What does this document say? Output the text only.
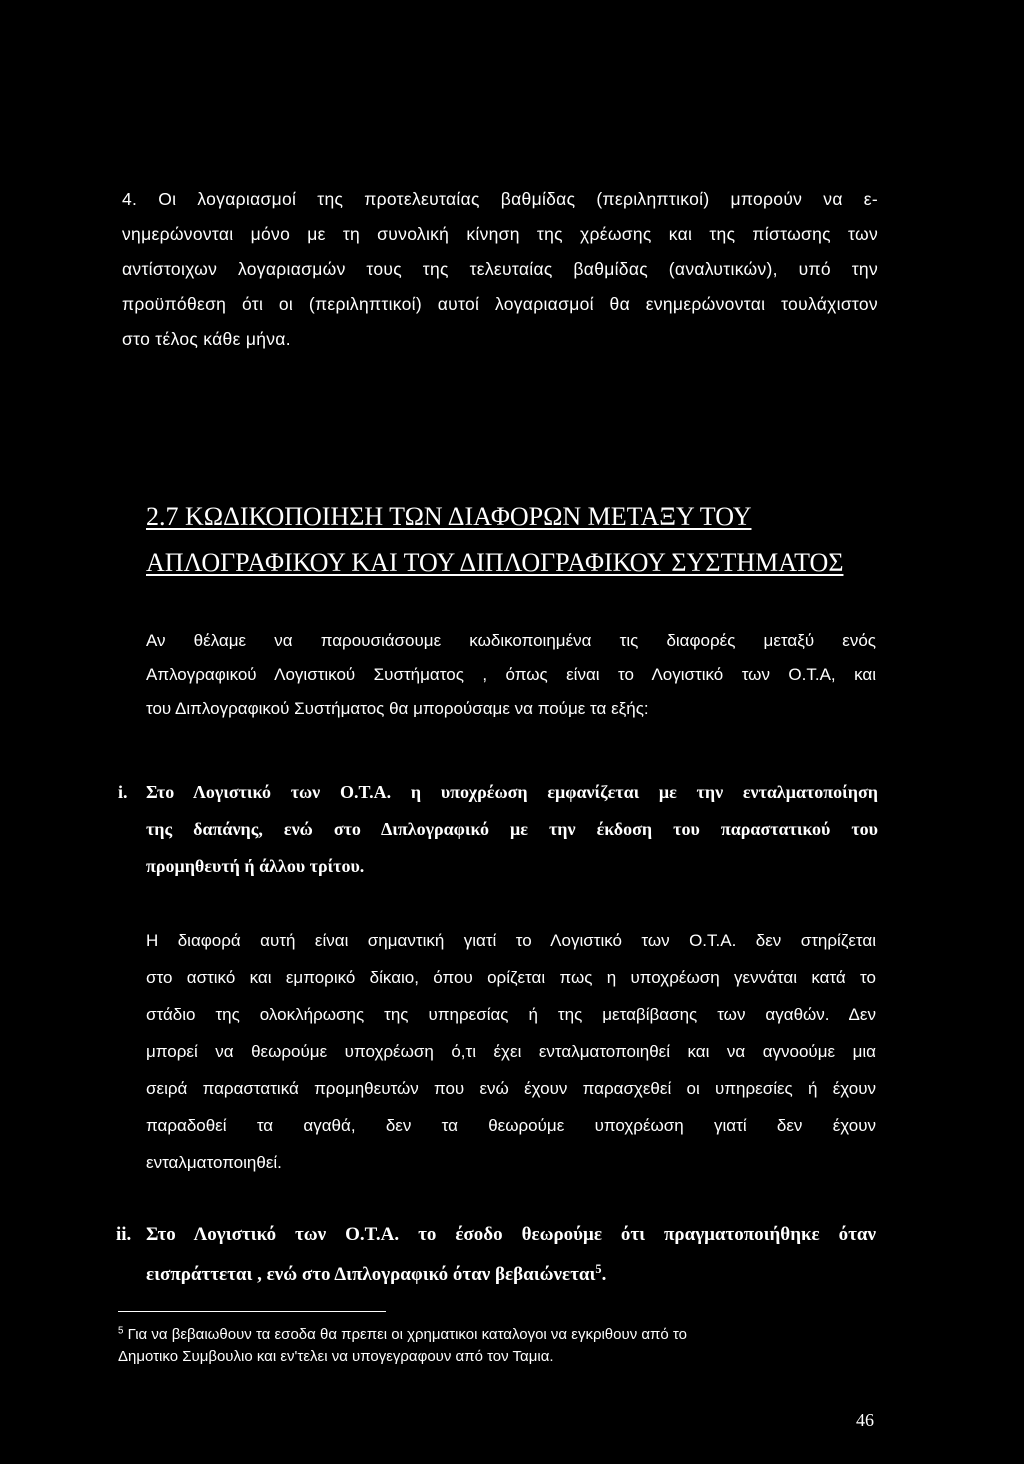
4. Οι λογαριασμοί της προτελευταίας βαθμίδας (περιληπτικοί) μπορούν να ε-
νημερώνονται μόνο με τη συνολική κίνηση της χρέωσης και της πίστωσης των
αντίστοιχων λογαριασμών τους της τελευταίας βαθμίδας (αναλυτικών), υπό την
προϋπόθεση ότι οι (περιληπτικοί) αυτοί λογαριασμοί θα ενημερώνονται τουλάχιστον
στο τέλος κάθε μήνα.
2.7 ΚΩΔΙΚΟΠΟΙΗΣΗ ΤΩΝ ΔΙΑΦΟΡΩΝ ΜΕΤΑΞΥ ΤΟΥ
ΑΠΛΟΓΡΑΦΙΚΟΥ ΚΑΙ ΤΟΥ ΔΙΠΛΟΓΡΑΦΙΚΟΥ ΣΥΣΤΗΜΑΤΟΣ
Αν θέλαμε να παρουσιάσουμε κωδικοποιημένα τις διαφορές μεταξύ ενός
Απλογραφικού Λογιστικού Συστήματος , όπως είναι το Λογιστικό των Ο.Τ.Α, και
του Διπλογραφικού Συστήματος θα μπορούσαμε να πούμε τα εξής:
i. Στο Λογιστικό των Ο.Τ.Α. η υποχρέωση εμφανίζεται με την ενταλματοποίηση
της δαπάνης, ενώ στο Διπλογραφικό με την έκδοση του παραστατικού του
προμηθευτή ή άλλου τρίτου.
Η διαφορά αυτή είναι σημαντική γιατί το Λογιστικό των Ο.Τ.Α. δεν στηρίζεται
στο αστικό και εμπορικό δίκαιο, όπου ορίζεται πως η υποχρέωση γεννάται κατά το
στάδιο της ολοκλήρωσης της υπηρεσίας ή της μεταβίβασης των αγαθών. Δεν
μπορεί να θεωρούμε υποχρέωση ό,τι έχει ενταλματοποιηθεί και να αγνοούμε μια
σειρά παραστατικά προμηθευτών που ενώ έχουν παρασχεθεί οι υπηρεσίες ή έχουν
παραδοθεί τα αγαθά, δεν τα θεωρούμε υποχρέωση γιατί δεν έχουν
ενταλματοποιηθεί.
ii. Στο Λογιστικό των Ο.Τ.Α. το έσοδο θεωρούμε ότι πραγματοποιήθηκε όταν
εισπράττεται , ενώ στο Διπλογραφικό όταν βεβαιώνεται$^5$.
$^5$ Για να βεβαιωθουν τα εσοδα θα πρεπει οι χρηματικοι καταλογοι να εγκριθουν από το
Δημοτικο Συμβουλιο και εν'τελει να υπογεγραφουν από τον Ταμια.
46
